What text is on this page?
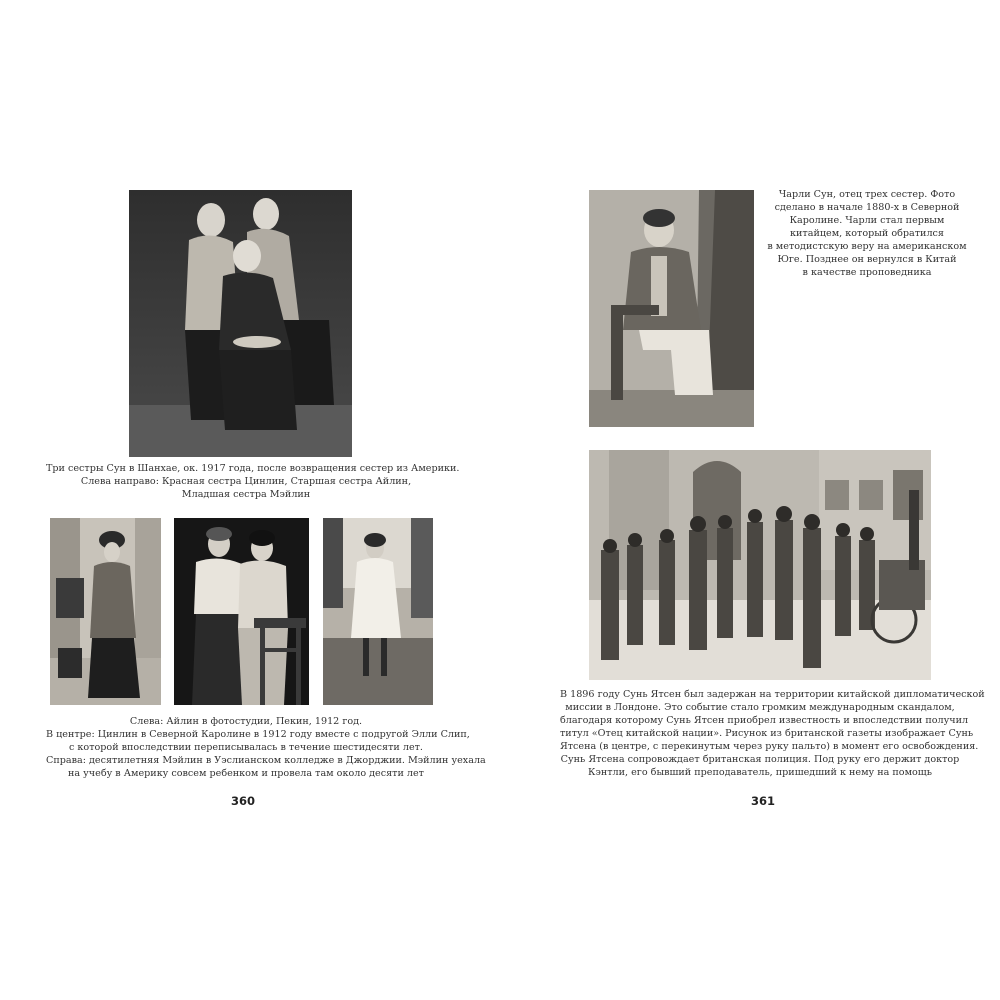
Три сестры Сун в Шанхае, ок. 1917 года, после возвращения сестер из Америки.
Слева направо: Красная сестра Цинлин, Старшая сестра Айлин,
Младшая сестра Мэйлин
Слева: Айлин в фотостудии, Пекин, 1912 год.
В центре: Цинлин в Северной Каролине в 1912 году вместе с подругой Элли Слип,
с которой впоследствии переписывалась в течение шестидесяти лет.
Справа: десятилетняя Мэйлин в Уэслианском колледже в Джорджии. Мэйлин уехала
на учебу в Америку совсем ребенком и провела там около десяти лет
360
Чарли Сун, отец трех сестер. Фото
сделано в начале 1880-х в Северной
Каролине. Чарли стал первым
китайцем, который обратился
в методистскую веру на американском
Юге. Позднее он вернулся в Китай
в качестве проповедника
В 1896 году Сунь Ятсен был задержан на территории китайской дипломатической
миссии в Лондоне. Это событие стало громким международным скандалом,
благодаря которому Сунь Ятсен приобрел известность и впоследствии получил
титул «Отец китайской нации». Рисунок из британской газеты изображает Сунь
Ятсена (в центре, с перекинутым через руку пальто) в момент его освобождения.
Сунь Ятсена сопровождает британская полиция. Под руку его держит доктор
Кэнтли, его бывший преподаватель, пришедший к нему на помощь
361
